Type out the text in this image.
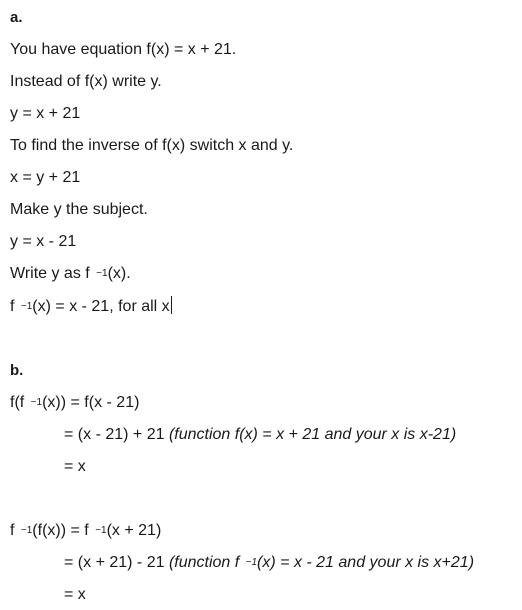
a.
You have equation f(x) = x + 21.
Instead of f(x) write y.
y = x + 21
To find the inverse of f(x) switch x and y.
x = y + 21
Make y the subject.
y = x - 21
Write y as f $^{-1}$(x).
f $^{-1}$(x) = x - 21, for all x
b.
f(f $^{-1}$(x)) = f(x - 21)
= (x - 21) + 21 (function f(x) = x + 21 and your x is x-21)
= x
f $^{-1}$(f(x)) = f $^{-1}$(x + 21)
= (x + 21) - 21 (function f $^{-1}$(x) = x - 21 and your x is x+21)
= x
